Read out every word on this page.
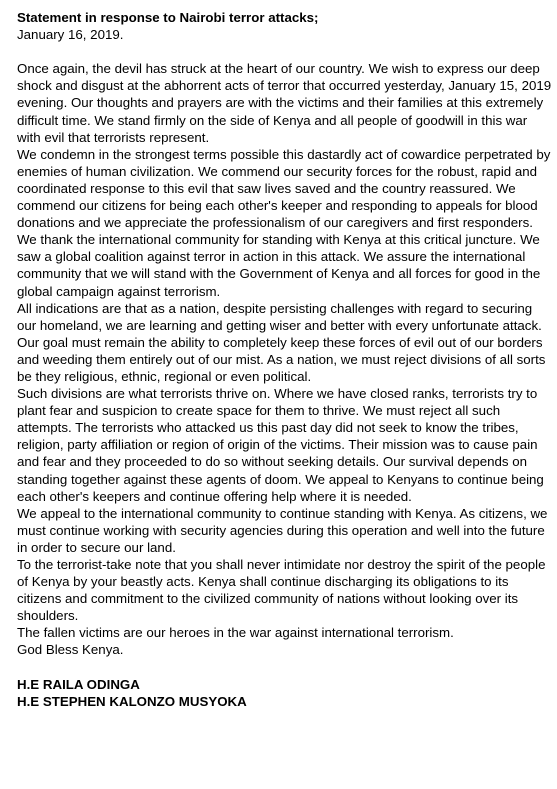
Statement in response to Nairobi terror attacks;

January 16, 2019.

Once again, the devil has struck at the heart of our country. We wish to express our deep shock and disgust at the abhorrent acts of terror that occurred yesterday, January 15, 2019 evening. Our thoughts and prayers are with the victims and their families at this extremely difficult time. We stand firmly on the side of Kenya and all people of goodwill in this war with evil that terrorists represent.

We condemn in the strongest terms possible this dastardly act of cowardice perpetrated by enemies of human civilization. We commend our security forces for the robust, rapid and coordinated response to this evil that saw lives saved and the country reassured. We commend our citizens for being each other's keeper and responding to appeals for blood donations and we appreciate the professionalism of our caregivers and first responders.

We thank the international community for standing with Kenya at this critical juncture. We saw a global coalition against terror in action in this attack. We assure the international community that we will stand with the Government of Kenya and all forces for good in the global campaign against terrorism.

All indications are that as a nation, despite persisting challenges with regard to securing our homeland, we are learning and getting wiser and better with every unfortunate attack. Our goal must remain the ability to completely keep these forces of evil out of our borders and weeding them entirely out of our mist. As a nation, we must reject divisions of all sorts be they religious, ethnic, regional or even political.

Such divisions are what terrorists thrive on. Where we have closed ranks, terrorists try to plant fear and suspicion to create space for them to thrive. We must reject all such attempts. The terrorists who attacked us this past day did not seek to know the tribes, religion, party affiliation or region of origin of the victims. Their mission was to cause pain and fear and they proceeded to do so without seeking details. Our survival depends on standing together against these agents of doom. We appeal to Kenyans to continue being each other's keepers and continue offering help where it is needed.

We appeal to the international community to continue standing with Kenya. As citizens, we must continue working with security agencies during this operation and well into the future in order to secure our land.

To the terrorist-take note that you shall never intimidate nor destroy the spirit of the people of Kenya by your beastly acts. Kenya shall continue discharging its obligations to its citizens and commitment to the civilized community of nations without looking over its shoulders.

The fallen victims are our heroes in the war against international terrorism.

God Bless Kenya.

H.E RAILA ODINGA

H.E STEPHEN KALONZO MUSYOKA
